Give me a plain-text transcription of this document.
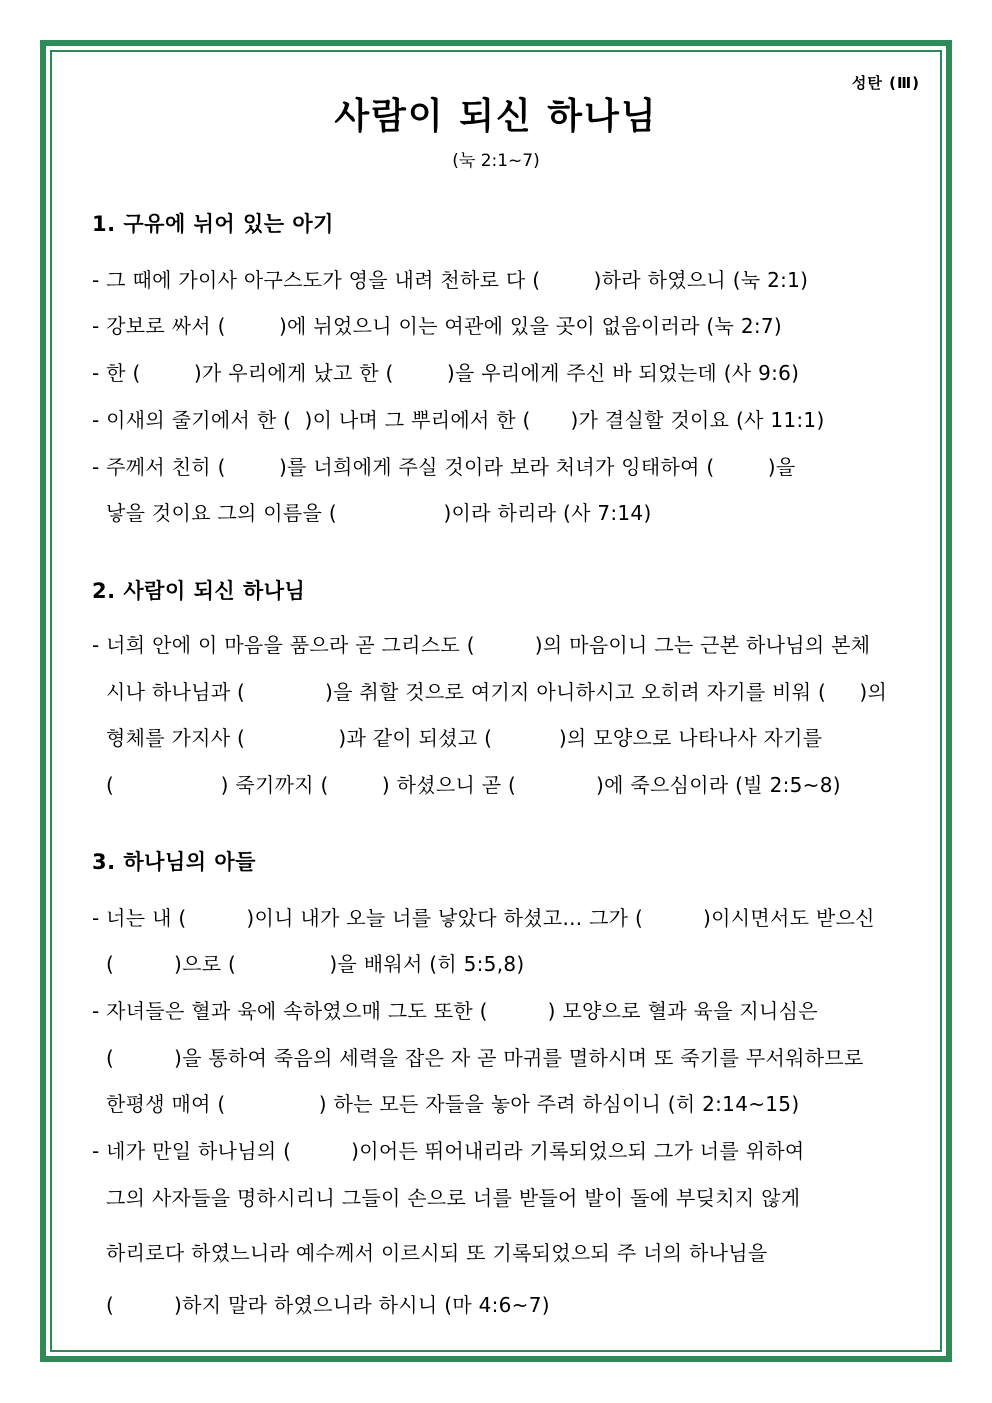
성탄 (Ⅲ)
사람이 되신 하나님
(눅 2:1~7)
1. 구유에 뉘어 있는 아기
- 그 때에 가이사 아구스도가 영을 내려 천하로 다 (        )하라 하였으니 (눅 2:1)
- 강보로 싸서 (        )에 뉘었으니 이는 여관에 있을 곳이 없음이러라 (눅 2:7)
- 한 (        )가 우리에게 났고 한 (        )을 우리에게 주신 바 되었는데 (사 9:6)
- 이새의 줄기에서 한 (  )이 나며 그 뿌리에서 한 (      )가 결실할 것이요 (사 11:1)
- 주께서 친히 (        )를 너희에게 주실 것이라 보라 처녀가 잉태하여 (        )을
낳을 것이요 그의 이름을 (                )이라 하리라 (사 7:14)
2. 사람이 되신 하나님
- 너희 안에 이 마음을 품으라 곧 그리스도 (         )의 마음이니 그는 근본 하나님의 본체
시나 하나님과 (            )을 취할 것으로 여기지 아니하시고 오히려 자기를 비워 (     )의
형체를 가지사 (              )과 같이 되셨고 (          )의 모양으로 나타나사 자기를
(                ) 죽기까지 (        ) 하셨으니 곧 (            )에 죽으심이라 (빌 2:5~8)
3. 하나님의 아들
- 너는 내 (         )이니 내가 오늘 너를 낳았다 하셨고... 그가 (         )이시면서도 받으신
(         )으로 (              )을 배워서 (히 5:5,8)
- 자녀들은 혈과 육에 속하였으매 그도 또한 (         ) 모양으로 혈과 육을 지니심은
(         )을 통하여 죽음의 세력을 잡은 자 곧 마귀를 멸하시며 또 죽기를 무서워하므로
한평생 매여 (              ) 하는 모든 자들을 놓아 주려 하심이니 (히 2:14~15)
- 네가 만일 하나님의 (         )이어든 뛰어내리라 기록되었으되 그가 너를 위하여
그의 사자들을 명하시리니 그들이 손으로 너를 받들어 발이 돌에 부딪치지 않게
하리로다 하였느니라 예수께서 이르시되 또 기록되었으되 주 너의 하나님을
(         )하지 말라 하였으니라 하시니 (마 4:6~7)
